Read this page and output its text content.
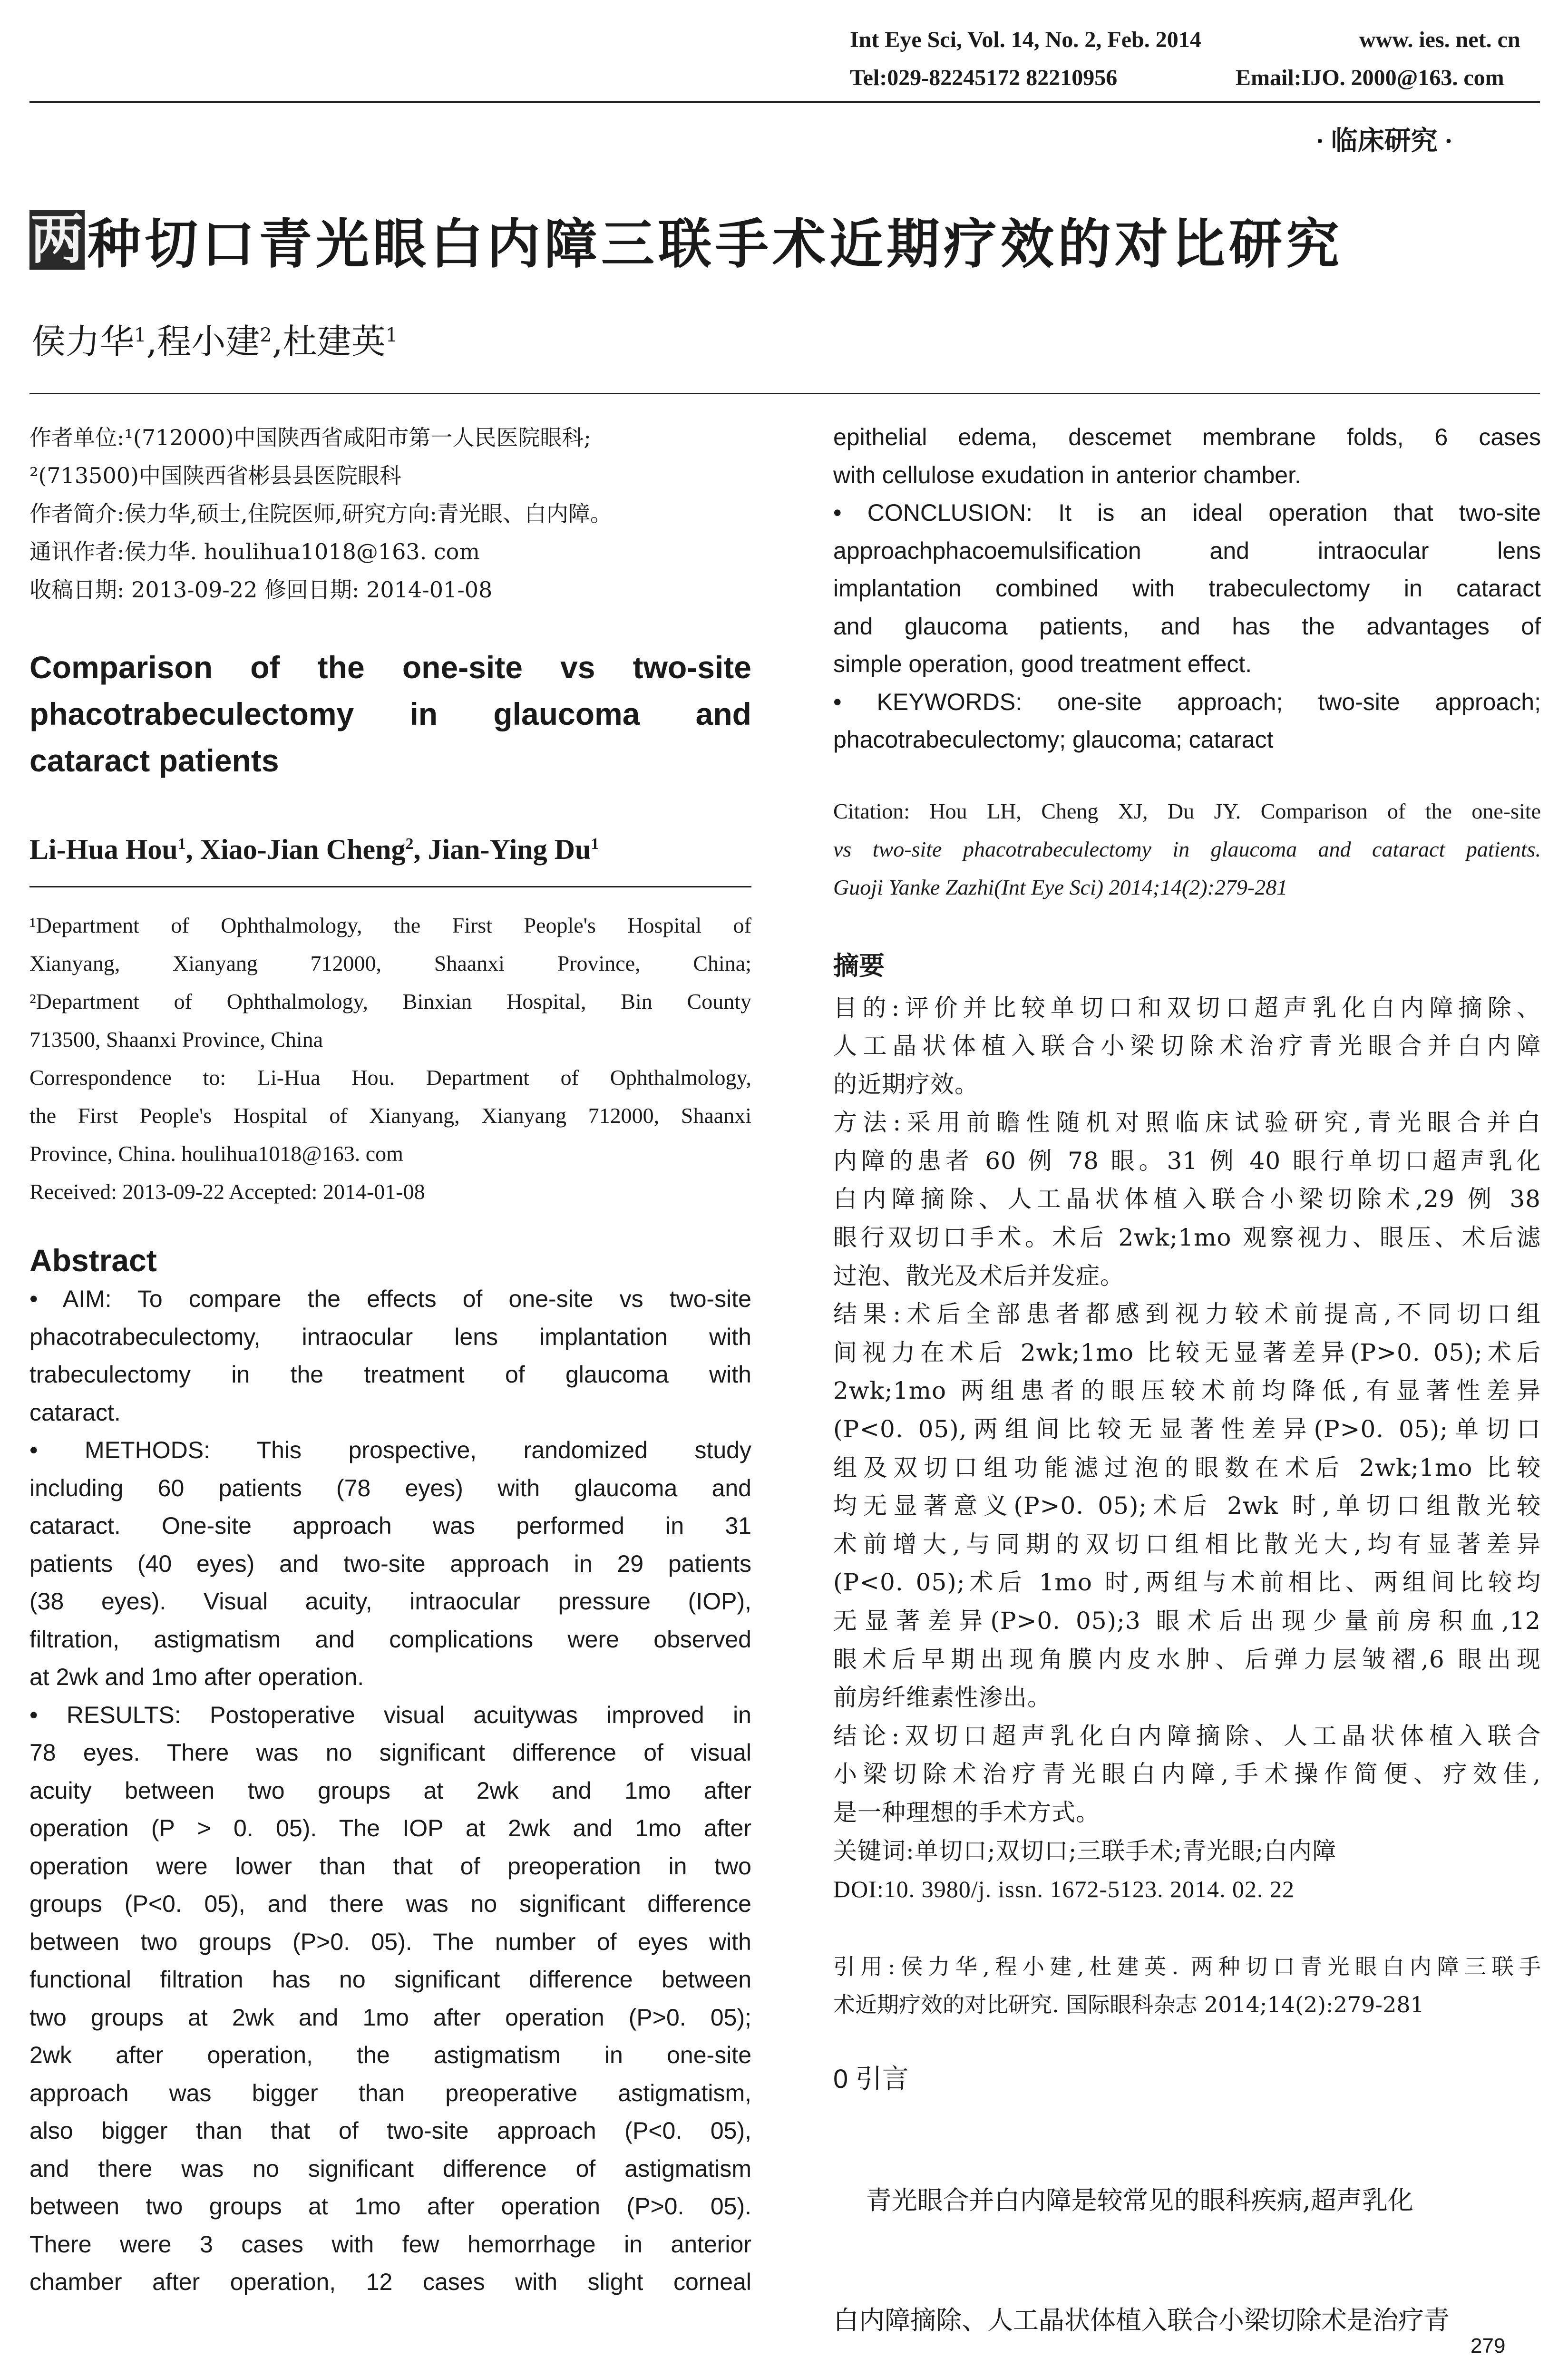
Int Eye Sci, Vol. 14, No. 2, Feb. 2014	www. ies. net. cn
Tel:029-82245172 82210956	Email:IJO. 2000@163. com
· 临床研究 ·
两 种切口青光眼白内障三联手术近期疗效的对比研究
侯力华$^1$,程小建$^2$,杜建英$^1$
作者单位:¹(712000)中国陕西省咸阳市第一人民医院眼科;
²(713500)中国陕西省彬县县医院眼科
作者简介:侯力华,硕士,住院医师,研究方向:青光眼、白内障。
通讯作者:侯力华. houlihua1018@163. com
收稿日期: 2013-09-22 修回日期: 2014-01-08
Comparison of the one-site vs two-site
phacotrabeculectomy in glaucoma and
cataract patients
Li-Hua Hou$^1$, Xiao-Jian Cheng$^2$, Jian-Ying Du$^1$
¹Department of Ophthalmology, the First People's Hospital of
Xianyang, Xianyang 712000, Shaanxi Province, China;
²Department of Ophthalmology, Binxian Hospital, Bin County
713500, Shaanxi Province, China
Correspondence to: Li-Hua Hou. Department of Ophthalmology,
the First People's Hospital of Xianyang, Xianyang 712000, Shaanxi
Province, China. houlihua1018@163. com
Received: 2013-09-22 Accepted: 2014-01-08
Abstract
• AIM: To compare the effects of one-site vs two-site
phacotrabeculectomy, intraocular lens implantation with
trabeculectomy in the treatment of glaucoma with
cataract.
• METHODS: This prospective, randomized study
including 60 patients (78 eyes) with glaucoma and
cataract. One-site approach was performed in 31
patients (40 eyes) and two-site approach in 29 patients
(38 eyes). Visual acuity, intraocular pressure (IOP),
filtration, astigmatism and complications were observed
at 2wk and 1mo after operation.
• RESULTS: Postoperative visual acuitywas improved in
78 eyes. There was no significant difference of visual
acuity between two groups at 2wk and 1mo after
operation (P > 0. 05). The IOP at 2wk and 1mo after
operation were lower than that of preoperation in two
groups (P<0. 05), and there was no significant difference
between two groups (P>0. 05). The number of eyes with
functional filtration has no significant difference between
two groups at 2wk and 1mo after operation (P>0. 05);
2wk after operation, the astigmatism in one-site
approach was bigger than preoperative astigmatism,
also bigger than that of two-site approach (P<0. 05),
and there was no significant difference of astigmatism
between two groups at 1mo after operation (P>0. 05).
There were 3 cases with few hemorrhage in anterior
chamber after operation, 12 cases with slight corneal
epithelial edema, descemet membrane folds, 6 cases
with cellulose exudation in anterior chamber.
• CONCLUSION: It is an ideal operation that two-site
approachphacoemulsification and intraocular lens
implantation combined with trabeculectomy in cataract
and glaucoma patients, and has the advantages of
simple operation, good treatment effect.
• KEYWORDS: one-site approach; two-site approach;
phacotrabeculectomy; glaucoma; cataract
Citation: Hou LH, Cheng XJ, Du JY. Comparison of the one-site
vs two-site phacotrabeculectomy in glaucoma and cataract patients.
Guoji Yanke Zazhi(Int Eye Sci) 2014;14(2):279-281
摘要
目的:评价并比较单切口和双切口超声乳化白内障摘除、
人工晶状体植入联合小梁切除术治疗青光眼合并白内障
的近期疗效。
方法:采用前瞻性随机对照临床试验研究,青光眼合并白
内障的患者 60 例 78 眼。31 例 40 眼行单切口超声乳化
白内障摘除、人工晶状体植入联合小梁切除术,29 例 38
眼行双切口手术。术后 2wk;1mo 观察视力、眼压、术后滤
过泡、散光及术后并发症。
结果:术后全部患者都感到视力较术前提高,不同切口组
间视力在术后 2wk;1mo 比较无显著差异(P>0. 05);术后
2wk;1mo 两组患者的眼压较术前均降低,有显著性差异
(P<0. 05),两组间比较无显著性差异(P>0. 05);单切口
组及双切口组功能滤过泡的眼数在术后 2wk;1mo 比较
均无显著意义(P>0. 05);术后 2wk 时,单切口组散光较
术前增大,与同期的双切口组相比散光大,均有显著差异
(P<0. 05);术后 1mo 时,两组与术前相比、两组间比较均
无显著差异(P>0. 05);3 眼术后出现少量前房积血,12
眼术后早期出现角膜内皮水肿、后弹力层皱褶,6 眼出现
前房纤维素性渗出。
结论:双切口超声乳化白内障摘除、人工晶状体植入联合
小梁切除术治疗青光眼白内障,手术操作简便、疗效佳,
是一种理想的手术方式。
关键词:单切口;双切口;三联手术;青光眼;白内障
DOI:10. 3980/j. issn. 1672-5123. 2014. 02. 22
引用:侯力华,程小建,杜建英. 两种切口青光眼白内障三联手
术近期疗效的对比研究. 国际眼科杂志 2014;14(2):279-281
0 引言

青光眼合并白内障是较常见的眼科疾病,超声乳化

白内障摘除、人工晶状体植入联合小梁切除术是治疗青

279
